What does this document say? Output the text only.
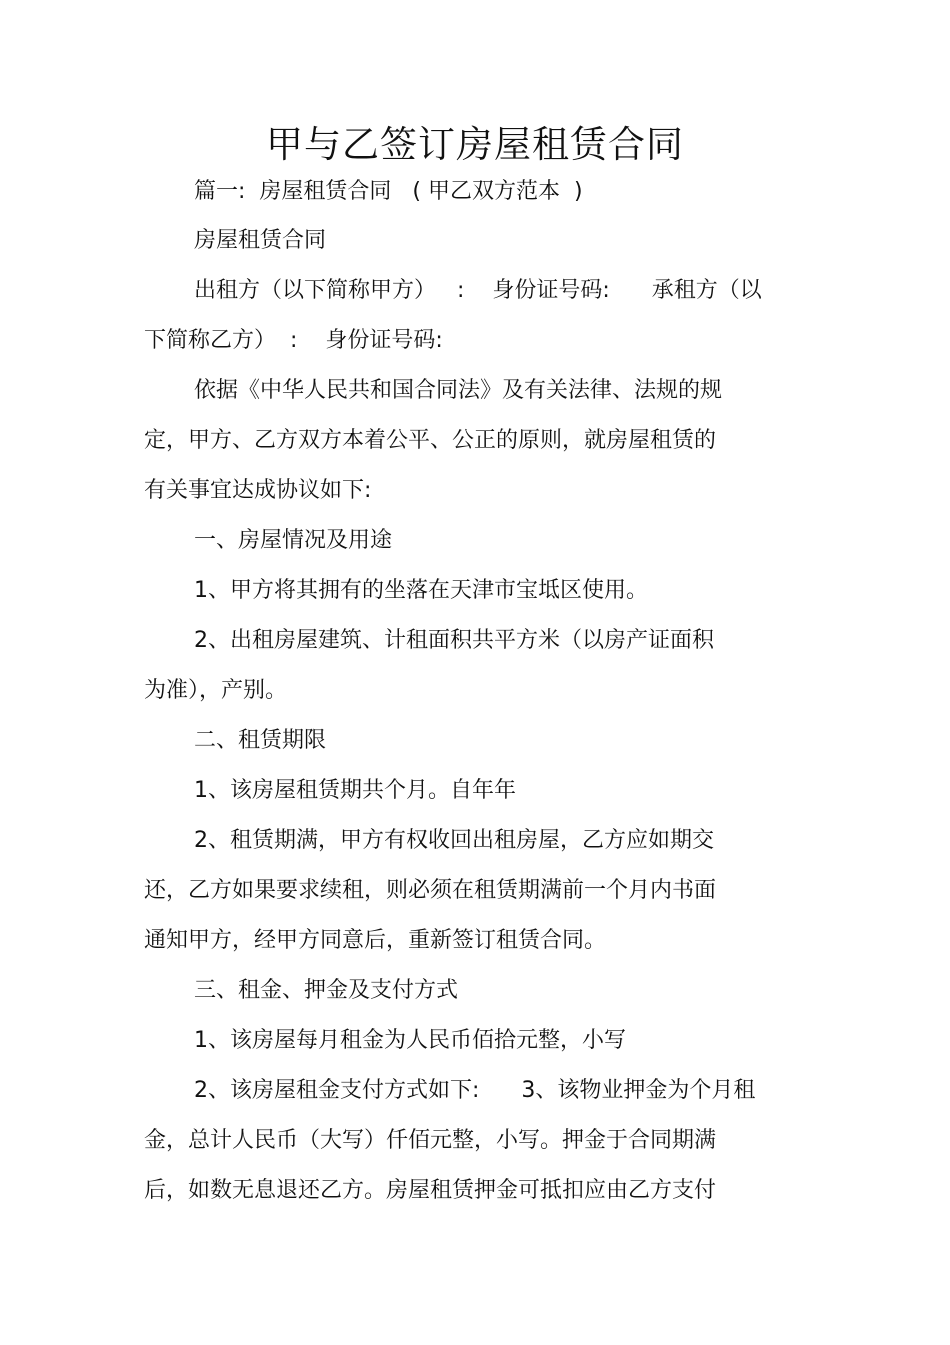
甲与乙签订房屋租赁合同

篇一:  房屋租赁合同   ( 甲乙双方范本  )

房屋租赁合同

出租方（以下简称甲方）   :    身份证号码:      承租方（以

下简称乙方）  :    身份证号码:

依据《中华人民共和国合同法》及有关法律、法规的规

定，甲方、乙方双方本着公平、公正的原则，就房屋租赁的

有关事宜达成协议如下:

一、房屋情况及用途

1、甲方将其拥有的坐落在天津市宝坻区使用。

2、出租房屋建筑、计租面积共平方米（以房产证面积

为准），产别。

二、租赁期限

1、该房屋租赁期共个月。自年年

2、租赁期满，甲方有权收回出租房屋，乙方应如期交

还，乙方如果要求续租，则必须在租赁期满前一个月内书面

通知甲方，经甲方同意后，重新签订租赁合同。

三、租金、押金及支付方式

1、该房屋每月租金为人民币佰拾元整，小写

2、该房屋租金支付方式如下:      3、该物业押金为个月租

金，总计人民币（大写）仟佰元整，小写。押金于合同期满

后，如数无息退还乙方。房屋租赁押金可抵扣应由乙方支付
